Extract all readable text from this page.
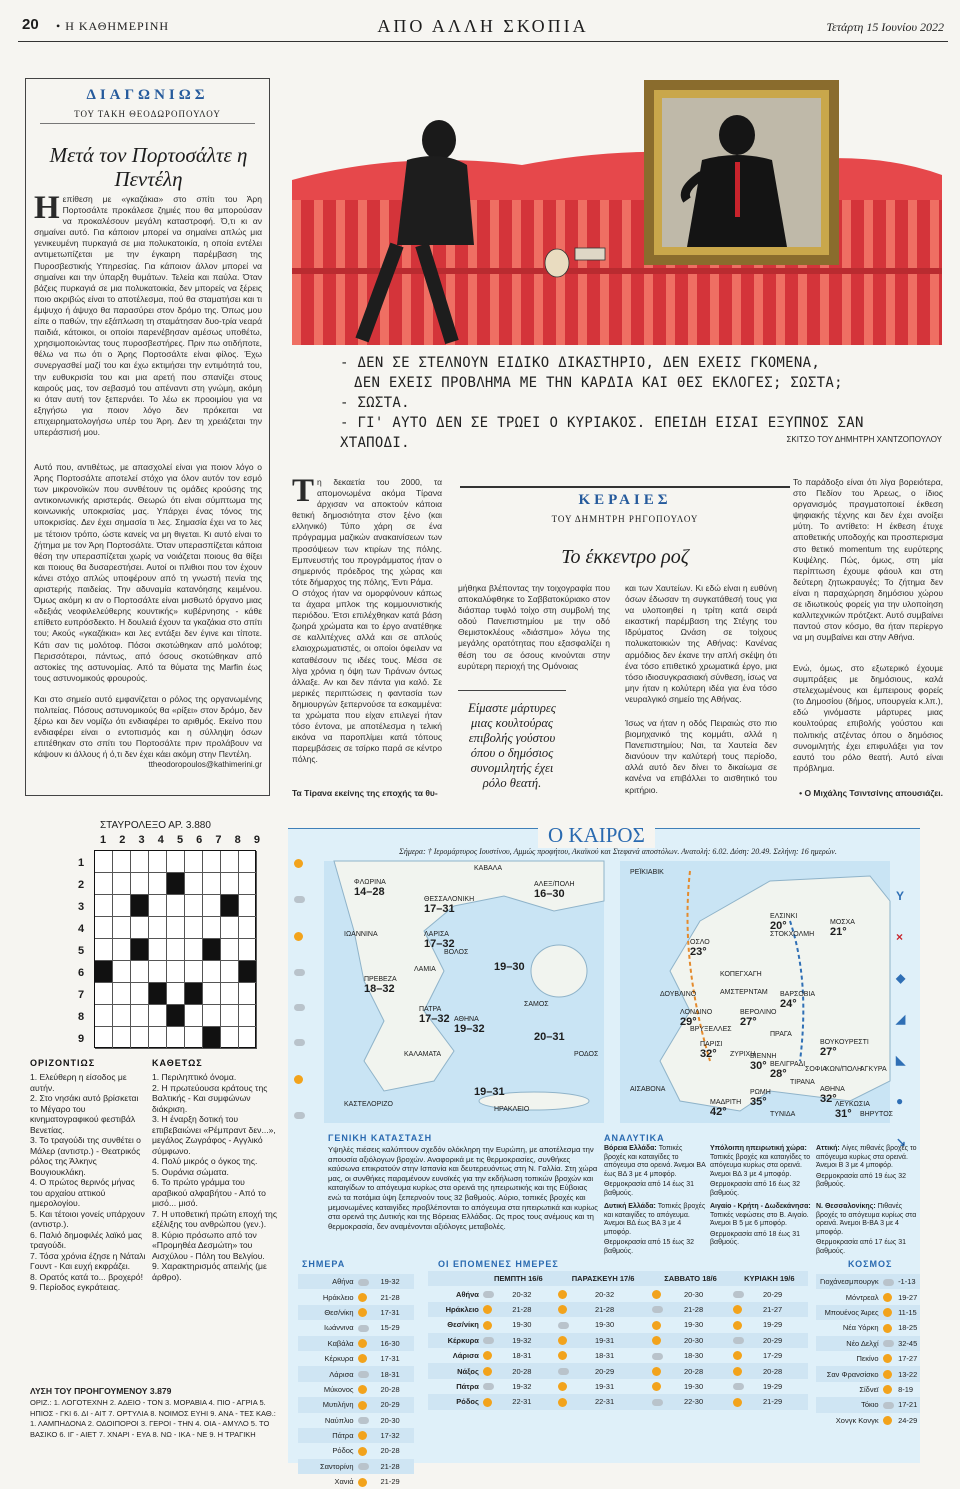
20 • Η ΚΑΘΗΜΕΡΙΝΗ	ΑΠΟ ΑΛΛΗ ΣΚΟΠΙΑ	Τετάρτη 15 Ιουνίου 2022
ΔΙΑΓΩΝΙΩΣ
ΤΟΥ ΤΑΚΗ ΘΕΟΔΩΡΟΠΟΥΛΟΥ
Μετά τον Πορτοσάλτε η Πεντέλη
Ηεπίθεση με «γκαζάκια» στο σπίτι του Άρη Πορτοσάλτε προκάλεσε ζημιές που θα μπορούσαν να προκαλέσουν μεγάλη καταστροφή. Ό,τι κι αν σημαίνει αυτό. Για κάποιον μπορεί να σημαίνει απλώς μια γενικευμένη πυρκαγιά σε μια πολυκατοικία, η οποία εντέλει αντιμετωπίζεται με την έγκαιρη παρέμβαση της Πυροσβεστικής Υπηρεσίας. Για κάποιον άλλον μπορεί να σημαίνει και την ύπαρξη θυμάτων. Τελεία και παύλα. Όταν βάζεις πυρκαγιά σε μια πολυκατοικία, δεν μπορείς να ξέρεις ποιο ακριβώς είναι το αποτέλεσμα, πού θα σταματήσει και τι έμψυχο ή άψυχο θα παρασύρει στον δρόμο της. Όπως μου είπε ο παθών, την εξάπλωση τη σταμάτησαν δυο-τρία νεαρά παιδιά, κάτοικοι, οι οποίοι παρενέβησαν αμέσως υποθέτω, χρησιμοποιώντας τους πυροσβεστήρες. Πριν πω οτιδήποτε, θέλω να πω ότι ο Άρης Πορτοσάλτε είναι φίλος. Έχω συνεργασθεί μαζί του και έχω εκτιμήσει την εντιμότητά του, την ευθυκρισία του και μια αρετή που σπανίζει στους καιρούς μας, τον σεβασμό του απέναντι στη γνώμη, ακόμη κι όταν αυτή τον ξεπερνάει. Το λέω εκ προοιμίου για να εξηγήσω για ποιον λόγο δεν πρόκειται να επιχειρηματολογήσω υπέρ του Άρη. Δεν τη χρειάζεται την υπεράσπισή μου.
Αυτό που, αντιθέτως, με απασχολεί είναι για ποιον λόγο ο Άρης Πορτοσάλτε αποτελεί στόχο για όλον αυτόν τον εσμό των μικρονοϊκών που συνθέτουν τις ομάδες κρούσης της αντικοινωνικής αριστεράς. Θεωρώ ότι είναι σύμπτωμα της κοινωνικής υποκρισίας μας. Υπάρχει ένας τόνος της υποκρισίας. Δεν έχει σημασία τι λες. Σημασία έχει να το λες με τέτοιον τρόπο, ώστε κανείς να μη θιγεται. Κι αυτό είναι το ζήτημα με τον Άρη Πορτοσάλτε. Όταν υπερασπίζεται κάποια θέση την υπερασπίζεται χωρίς να νοιάζεται ποιους θα θίξει και ποιους θα δυσαρεστήσει. Αυτοί οι πλιθιοι που τον έχουν κάνει στόχο απλώς υποφέρουν από τη γνωστή πενία της αριστερής παιδείας. Την αδυναμία κατανόησης κειμένου. Όμως ακόμη κι αν ο Πορτοσάλτε είναι μισθωτό όργανο μιας «δεξιάς νεοφιλελεύθερης κουντικής» κυβέρνησης - κάθε επίθετο ευπρόσδεκτο. Η δουλειά έχουν τα γκαζάκια στο σπίτι του; Ακούς «γκαζάκια» και λες εντάξει δεν έγινε και τίποτε. Κάτι σαν τις μολότοφ. Πόσοι σκοτώθηκαν από μολότοφ; Περισσότεροι, πάντως, από όσους σκοτώθηκαν από αστοκίες της αστυνομίας. Από τα θύματα της Marfin έως τους αστυνομικούς φρουρούς.
Και στο σημείο αυτό εμφανίζεται ο ρόλος της οργανωμένης πολιτείας. Πόσους αστυνομικούς θα «ρίξει» στον δρόμο, δεν ξέρω και δεν νομίζω ότι ενδιαφέρει το αριθμός. Εκείνο που ενδιαφέρει είναι ο εντοπισμός και η σύλληψη όσων επιτέθηκαν στο σπίτι του Πορτοσάλτε πριν προλάβουν να κάψουν κι άλλους ή ό,τι δεν έχει κάει ακόμη στην Πεντέλη.
ttheodoropoulos@kathimerini.gr
- ΔΕΝ ΣΕ ΣΤΕΛΝΟΥΝ ΕΙΔΙΚΟ ΔΙΚΑΣΤΗΡΙΟ, ΔΕΝ ΕΧΕΙΣ ΓΚΟΜΕΝΑ,
ΔΕΝ ΕΧΕΙΣ ΠΡΟΒΛΗΜΑ ΜΕ ΤΗΝ ΚΑΡΔΙΑ ΚΑΙ ΘΕΣ ΕΚΛΟΓΕΣ; ΣΩΣΤΑ;
- ΣΩΣΤΑ.
- ΓΙ' ΑΥΤΟ ΔΕΝ ΣΕ ΤΡΩΕΙ Ο ΚΥΡΙΑΚΟΣ. ΕΠΕΙΔΗ ΕΙΣΑΙ ΕΞΥΠΝΟΣ ΣΑΝ ΧΤΑΠΟΔΙ.	ΣΚΙΤΣΟ ΤΟΥ ΔΗΜΗΤΡΗ ΧΑΝΤΖΟΠΟΥΛΟΥ
Τη δεκαετία του 2000, τα απομονωμένα ακόμα Τίρανα άρχισαν να αποκτούν κάποια θετική δημοσιότητα στον ξένο (και ελληνικό) Τύπο χάρη σε ένα πρόγραμμα μαζικών ανακαινίσεων των προσόψεων των κτιρίων της πόλης. Εμπνευστής του προγράμματος ήταν ο σημερινός πρόεδρος της χώρας και τότε δήμαρχος της πόλης, Έντι Ράμα.
Ο στόχος ήταν να ομορφύνουν κάπως τα άχαρα μπλοκ της κομμουνιστικής περιόδου. Έτσι επιλέχθηκαν κατά βάση ζωηρά χρώματα και το έργο ανατέθηκε σε καλλιτέχνες αλλά και σε απλούς ελαιοχρωματιστές, οι οποίοι όφειλαν να καταθέσουν τις ιδέες τους. Μέσα σε λίγα χρόνια η όψη των Τιράνων όντως άλλαξε. Αν και δεν πάντα για καλό. Σε μερικές περιπτώσεις η φαντασία των δημιουργών ξεπερνούσε τα εσκαμμένα: τα χρώματα που είχαν επιλεγεί ήταν τόσο έντονα, με αποτέλεσμα η τελική εικόνα να παροπλίμει κατά τόπους παρεμβάσεις σε τσίρκο παρά σε κέντρο πόλης.
Τα Τίρανα εκείνης της εποχής τα θυ-
ΚΕΡΑΙΕΣ
ΤΟΥ ΔΗΜΗΤΡΗ ΡΗΓΟΠΟΥΛΟΥ
Το έκκεντρο ροζ
μήθηκα βλέποντας την τοιχογραφία που αποκαλύφθηκε το Σαββατοκύριακο στον διάσπαρ τυφλό τοίχο στη συμβολή της οδού Πανεπιστημίου με την οδό Θεμιστοκλέους «διάσπμο» λόγω της μεγάλης ορατότητας που εξασφαλίζει η θέση του σε όσους κινούνται στην ευρύτερη περιοχή της Ομόνοιας
Είμαστε μάρτυρες μιας κουλτούρας επιβολής γούστου όπου ο δημόσιος συνομιλητής έχει ρόλο θεατή.
και των Χαυτείων. Κι εδώ είναι η ευθύνη όσων έδωσαν τη συγκατάθεσή τους για να υλοποιηθεί η τρίτη κατά σειρά εικαστική παρέμβαση της Στέγης του Ιδρύματος Ωνάση σε τοίχους πολυκατοικιών της Αθήνας: Κανένας αρμόδιος δεν έκανε την απλή σκέψη ότι ένα τόσο επιθετικό χρωματικά έργο, μια τόσο ιδιοσυγκρασιακή σύνθεση, ίσως να μην ήταν η κολύτερη ιδέα για ένα τόσο νευραλγικό σημείο της Αθήνας.
Ίσως να ήταν η οδός Πειραιώς στο πιο βιομηχανικό της κομμάτι, αλλά η Πανεπιστημίου; Ναι, τα Χαυτεία δεν διανύουν την καλύτερή τους περίοδο, αλλά αυτό δεν δίνει το δικαίωμα σε κανένα να επιβάλλει το αισθητικό του κριτήριο.
Το παράδοξο είναι ότι λίγα βορειότερα, στο Πεδίον του Άρεως, ο ίδιος οργανισμός πραγματοποιεί έκθεση ψηφιακής τέχνης και δεν έχει ανοίξει μύτη. Το αντίθετο: Η έκθεση έτυχε αποθετικής υποδοχής και προσπερισμα στο θετικό momentum της ευρύτερης Κυψέλης. Πώς, όμως, στη μία περίπτωση έχουμε φάουλ και στη δεύτερη ζητωκραυγές; Το ζήτημα δεν είναι η παραχώρηση δημόσιου χώρου σε ιδιωτικούς φορείς για την υλοποίηση καλλιτεχνικών πρότζεκτ. Αυτό συμβαίνει παντού στον κόσμο, θα ήταν περίεργο να μη συμβαίνει και στην Αθήνα.
Ενώ, όμως, στο εξωτερικό έχουμε συμπράξεις με δημόσιους, καλά στελεχωμένους και έμπειρους φορείς (το Δημοσίου (δήμος, υπουργεία κ.λπ.), εδώ γινόμαστε μάρτυρες μιας κουλτούρας επιβολής γούστου και πολιτικής ατζέντας όπου ο δημόσιος συνομιλητής έχει επιφυλάξει για τον εαυτό του ρόλο θεατή. Αυτό είναι πρόβλημα.
• Ο Μιχάλης Τσιντσίνης απουσιάζει.
ΣΤΑΥΡΟΛΕΞΟ ΑΡ. 3.880
1 2 3 4 5 6 7 8 9
1
2
3
4
5
6
7
8
9
ΟΡΙΖΟΝΤΙΩΣ	ΚΑΘΕΤΩΣ
1. Ελεύθερη η είσοδος με αυτήν.
2. Στο νησάκι αυτό βρίσκεται το Μέγαρο του κινηματογραφικού φεστιβάλ Βενετίας.
3. Το τραγούδι της συνθέτει ο Μάλερ (αντιστρ.) - Θεατρικός ρόλος της Άλκηνς Βουγιουκλάκη.
4. Ο πρώτος θερινός μήνας του αρχαίου αττικού ημερολογίου.
5. Και τέτοιοι γονείς υπάρχουν (αντιστρ.).
6. Παλιό δημοφιλές λαϊκό μας τραγούδι.
7. Τόσα χρόνια έζησε η Νάταλι Γουντ - Και ευχή εκφράζει.
8. Ορατός κατά το... βροχερό!
9. Περίοδος εγκράτειας.
1. Περιληπτικό όνομα.
2. Η πρωτεύουσα κράτους της Βαλτικής - Και συμφώνων διάκριση.
3. Η έναρξη δοτική του επιβεβαιώνει «Ρέμπραντ δεν...», μεγάλος Ζωγράφος - Αγγλικό σύμφωνο.
4. Πολύ μικρός ο όγκος της.
5. Ουράνια σώματα.
6. Το πρώτο γράμμα του αραβικού αλφαβήτου - Από το μισό... μισό.
7. Η υποθετική πρώτη εποχή της εξέλιξης του ανθρώπου (γεν.).
8. Κύριο πρόσωπο από τον «Προμηθέα Δεσμώτη» του Αισχύλου - Πόλη του Βελγίου.
9. Χαρακτηρισμός απειλής (με άρθρο).
ΛΥΣΗ ΤΟΥ ΠΡΟΗΓΟΥΜΕΝΟΥ 3.879
ΟΡΙΖ.: 1. ΛΟΓΟΤΕΧΝΗ 2. ΑΔΕΙΟ - ΤΟΝ 3. ΜΟΡΑΒΙΑ 4. ΠΙΟ - ΑΓΡΙΑ 5. ΗΠΙΟΣ - ΓΚΙ 6. ΔΙ - ΑΙΤ 7. ΟΡΤΥΛΙΑ 8. ΝΟΙΜΟΣ ΕΥΗΙ 9. ΑΝΑ - ΤΕΣ ΚΑΘ.: 1. ΛΑΜΠΗΔΟΝΑ 2. ΟΔΟΙΠΟΡΟΙ 3. ΓΕΡΟΙ - ΤΗΝ 4. ΟΙΑ - ΑΜΥΛΟ 5. ΤΟ ΒΑΣΙΚΟ 6. ΙΓ - ΑΙΕΤ 7. ΧΝΑΡΙ - ΕΥΑ 8. ΝΩ - ΙΚΑ - ΝΕ 9. Η ΤΡΑΓΙΚΗ
Ο ΚΑΙΡΟΣ
Σήμερα: † Ιερομάρτυρος Ιουστίνου, Αμμώς προφήτου, Ακαϊκού και Στεφανά αποστόλων. Ανατολή: 6.02. Δύση: 20.49. Σελήνη: 16 ημερών.
ΚΑΒΑΛΑ
ΦΛΩΡΙΝΑ
14–28
ΘΕΣΣΑΛΟΝΙΚΗ
17–31
ΑΛΕΞ/ΠΟΛΗ
16–30
ΙΩΑΝΝΙΝΑ	ΛΑΡΙΣΑ
17–32
ΒΟΛΟΣ
ΛΑΜΙΑ
ΠΡΕΒΕΖΑ
18–32
ΠΑΤΡΑ
17–32 ΑΘΗΝΑ
19–32
ΣΑΜΟΣ
ΚΑΛΑΜΑΤΑ	ΡΟΔΟΣ
ΗΡΑΚΛΕΙΟ
ΚΑΣΤΕΛΟΡΙΖΟ
19–30
20–31
19–31
ΡΕΪΚΙΑΒΙΚ
ΕΛΣΙΝΚΙ
20°
ΣΤΟΚΧΟΛΜΗ
ΟΣΛΟ
23°
ΜΟΣΧΑ
21°
ΚΟΠΕΓΧΑΓΗ
ΔΟΥΒΛΙΝΟ	ΑΜΣΤΕΡΝΤΑΜ
ΛΟΝΔΙΝΟ
29°
ΒΑΡΣΟΒΙΑ
24°
ΒΕΡΟΛΙΝΟ
27°
ΒΡΥΞΕΛΛΕΣ
ΠΑΡΙΣΙ
32°
ΠΡΑΓΑ
ΖΥΡΙΧΗ
ΒΙΕΝΝΗ
30°
ΒΟΥΚΟΥΡΕΣΤΙ
27°
ΒΕΛΙΓΡΑΔΙ
28°	ΣΟΦΙΑ
ΚΩΝ/ΠΟΛΗ
ΑΓΚΥΡΑ
ΡΩΜΗ
35°
ΤΙΡΑΝΑ
ΑΘΗΝΑ
32°
ΑΙΣΑΒΟΝΑ
ΜΑΔΡΙΤΗ
42°
ΛΕΥΚΩΣΙΑ
31°
ΤΥΝΙΔΑ	ΒΗΡΥΤΟΣ
Y
×
◆
◢
◣
●
↘
ΓΕΝΙΚΗ ΚΑΤΑΣΤΑΣΗ
Υψηλές πιέσεις καλύπτουν σχεδόν ολόκληρη την Ευρώπη, με αποτέλεσμα την απουσία αξιόλογων βροχών. Αναφορικά με τις θερμοκρασίες, συνθήκες καύσωνα επικρατούν στην Ισπανία και δευτερευόντως στη Ν. Γαλλία. Στη χώρα μας, οι συνθήκες παραμένουν ευνοϊκές για την εκδήλωση τοπικών βροχών και καταιγίδων το απόγευμα κυρίως στα ορεινά της ηπειρωτικής και της Εύβοιας ενώ τα ποτάμια ύψη ξεπερνούν τους 32 βαθμούς. Αύριο, τοπικές βροχές και μεμονωμένες καταιγίδες προβλέπονται το απόγευμα στα ηπειρωτικά και κυρίως στα ορεινά της Δυτικής και της Βόρειας Ελλάδας. Ως προς τους ανέμους και τη θερμοκρασία, δεν αναμένονται αξιόλογες μεταβολές.
ΑΝΑΛΥΤΙΚΑ
Βόρεια Ελλάδα: Τοπικές βροχές και καταιγίδες το απόγευμα στα ορεινά. Άνεμοι ΒΑ έως ΒΔ 3 με 4 μποφόρ.
Θερμοκρασία από 14 έως 31 βαθμούς.
Υπόλοιπη ηπειρωτική χώρα: Τοπικές βροχές και καταιγίδες το απόγευμα κυρίως στα ορεινά. Άνεμοι ΒΔ 3 με 4 μποφόρ.
Θερμοκρασία από 16 έως 32 βαθμούς.
Αττική: Λίγες πιθανές βροχές το απόγευμα κυρίως στα ορεινά. Άνεμοι Β 3 με 4 μποφόρ.
Θερμοκρασία από 19 έως 32 βαθμούς.
Δυτική Ελλάδα: Τοπικές βροχές και καταιγίδες το απόγευμα. Άνεμοι ΒΔ έως ΒΑ 3 με 4 μποφόρ.
Θερμοκρασία από 15 έως 32 βαθμούς.
Αιγαίο - Κρήτη - Δωδεκάνησα: Τοπικές νεφώσεις στο Β. Αιγαίο. Άνεμοι Β 5 με 6 μποφόρ.
Θερμοκρασία από 18 έως 31 βαθμούς.
Ν. Θεσσαλονίκης: Πιθανές βροχές το απόγευμα κυρίως στα ορεινά. Άνεμοι Β-ΒΑ 3 με 4 μποφόρ.
Θερμοκρασία από 17 έως 31 βαθμούς.
ΣΗΜΕΡΑ
Αθήνα		19-32
Ηράκλειο		21-28
Θεσ/νίκη		17-31
Ιωάννινα		15-29
Καβάλα		16-30
Κέρκυρα		17-31
Λάρισα		18-31
Μύκονος		20-28
Μυτιλήνη		20-29
Ναύπλιο		20-30
Πάτρα		17-32
Ρόδος		20-28
Σαντορίνη		21-28
Χανιά		21-29
ΟΙ ΕΠΟΜΕΝΕΣ ΗΜΕΡΕΣ
	ΠΕΜΠΤΗ 16/6		ΠΑΡΑΣΚΕΥΗ 17/6		ΣΑΒΒΑΤΟ 18/6		ΚΥΡΙΑΚΗ 19/6	
Αθήνα		20-32		20-32		20-30		20-29
Ηράκλειο		21-28		21-28		21-28		21-27
Θεσ/νίκη		19-30		19-30		19-30		19-29
Κέρκυρα		19-32		19-31		20-30		20-29
Λάρισα		18-31		18-31		18-30		17-29
Νάξος		20-28		20-29		20-28		20-28
Πάτρα		19-32		19-31		19-30		19-29
Ρόδος		22-31		22-31		22-30		21-29
ΚΟΣΜΟΣ
Γιοχάνεσμπουργκ		-1-13
Μόντρεαλ		19-27
Μπουένος Άιρες		11-15
Νέα Υόρκη		18-25
Νέο Δελχί		32-45
Πεκίνο		17-27
Σαν Φρανσίσκο		13-22
Σίδνεϊ		8-19
Τόκιο		17-21
Χονγκ Κονγκ		24-29
